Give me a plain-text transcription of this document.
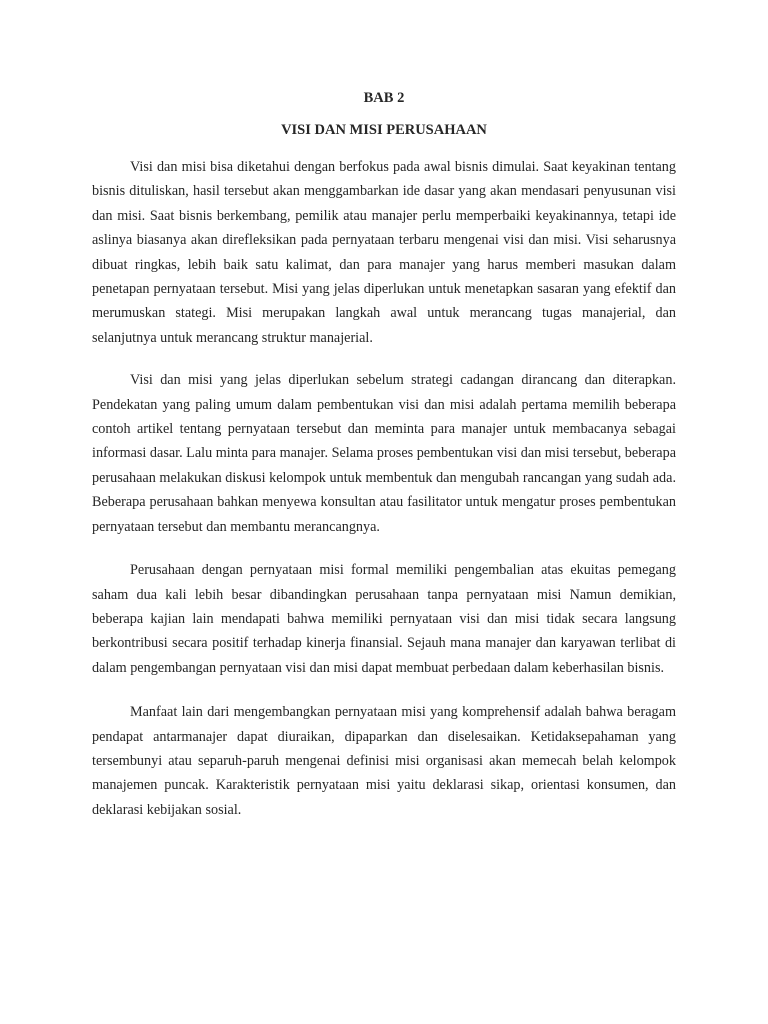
BAB 2

VISI DAN MISI PERUSAHAAN

Visi dan misi bisa diketahui dengan berfokus pada awal bisnis dimulai. Saat keyakinan tentang bisnis dituliskan, hasil tersebut akan menggambarkan ide dasar yang akan mendasari penyusunan visi dan misi. Saat bisnis berkembang, pemilik atau manajer perlu memperbaiki keyakinannya, tetapi ide aslinya biasanya akan direfleksikan pada pernyataan terbaru mengenai visi dan misi. Visi seharusnya dibuat ringkas, lebih baik satu kalimat, dan para manajer yang harus memberi masukan dalam penetapan pernyataan tersebut. Misi yang jelas diperlukan untuk menetapkan sasaran yang efektif dan merumuskan stategi. Misi merupakan langkah awal untuk merancang tugas manajerial, dan selanjutnya untuk merancang struktur manajerial.

Visi dan misi yang jelas diperlukan sebelum strategi cadangan dirancang dan diterapkan. Pendekatan yang paling umum dalam pembentukan visi dan misi adalah pertama memilih beberapa contoh artikel tentang pernyataan tersebut dan meminta para manajer untuk membacanya sebagai informasi dasar. Lalu minta para manajer. Selama proses pembentukan visi dan misi tersebut, beberapa perusahaan melakukan diskusi kelompok untuk membentuk dan mengubah rancangan yang sudah ada. Beberapa perusahaan bahkan menyewa konsultan atau fasilitator untuk mengatur proses pembentukan pernyataan tersebut dan membantu merancangnya.

Perusahaan dengan pernyataan misi formal memiliki pengembalian atas ekuitas pemegang saham dua kali lebih besar dibandingkan perusahaan tanpa pernyataan misi Namun demikian, beberapa kajian lain mendapati bahwa memiliki pernyataan visi dan misi tidak secara langsung berkontribusi secara positif terhadap kinerja finansial. Sejauh mana manajer dan karyawan terlibat di dalam pengembangan pernyataan visi dan misi dapat membuat perbedaan dalam keberhasilan bisnis.

Manfaat lain dari mengembangkan pernyataan misi yang komprehensif adalah bahwa beragam pendapat antarmanajer dapat diuraikan, dipaparkan dan diselesaikan. Ketidaksepahaman yang tersembunyi atau separuh-paruh mengenai definisi misi organisasi akan memecah belah kelompok manajemen puncak. Karakteristik pernyataan misi yaitu deklarasi sikap, orientasi konsumen, dan deklarasi kebijakan sosial.
